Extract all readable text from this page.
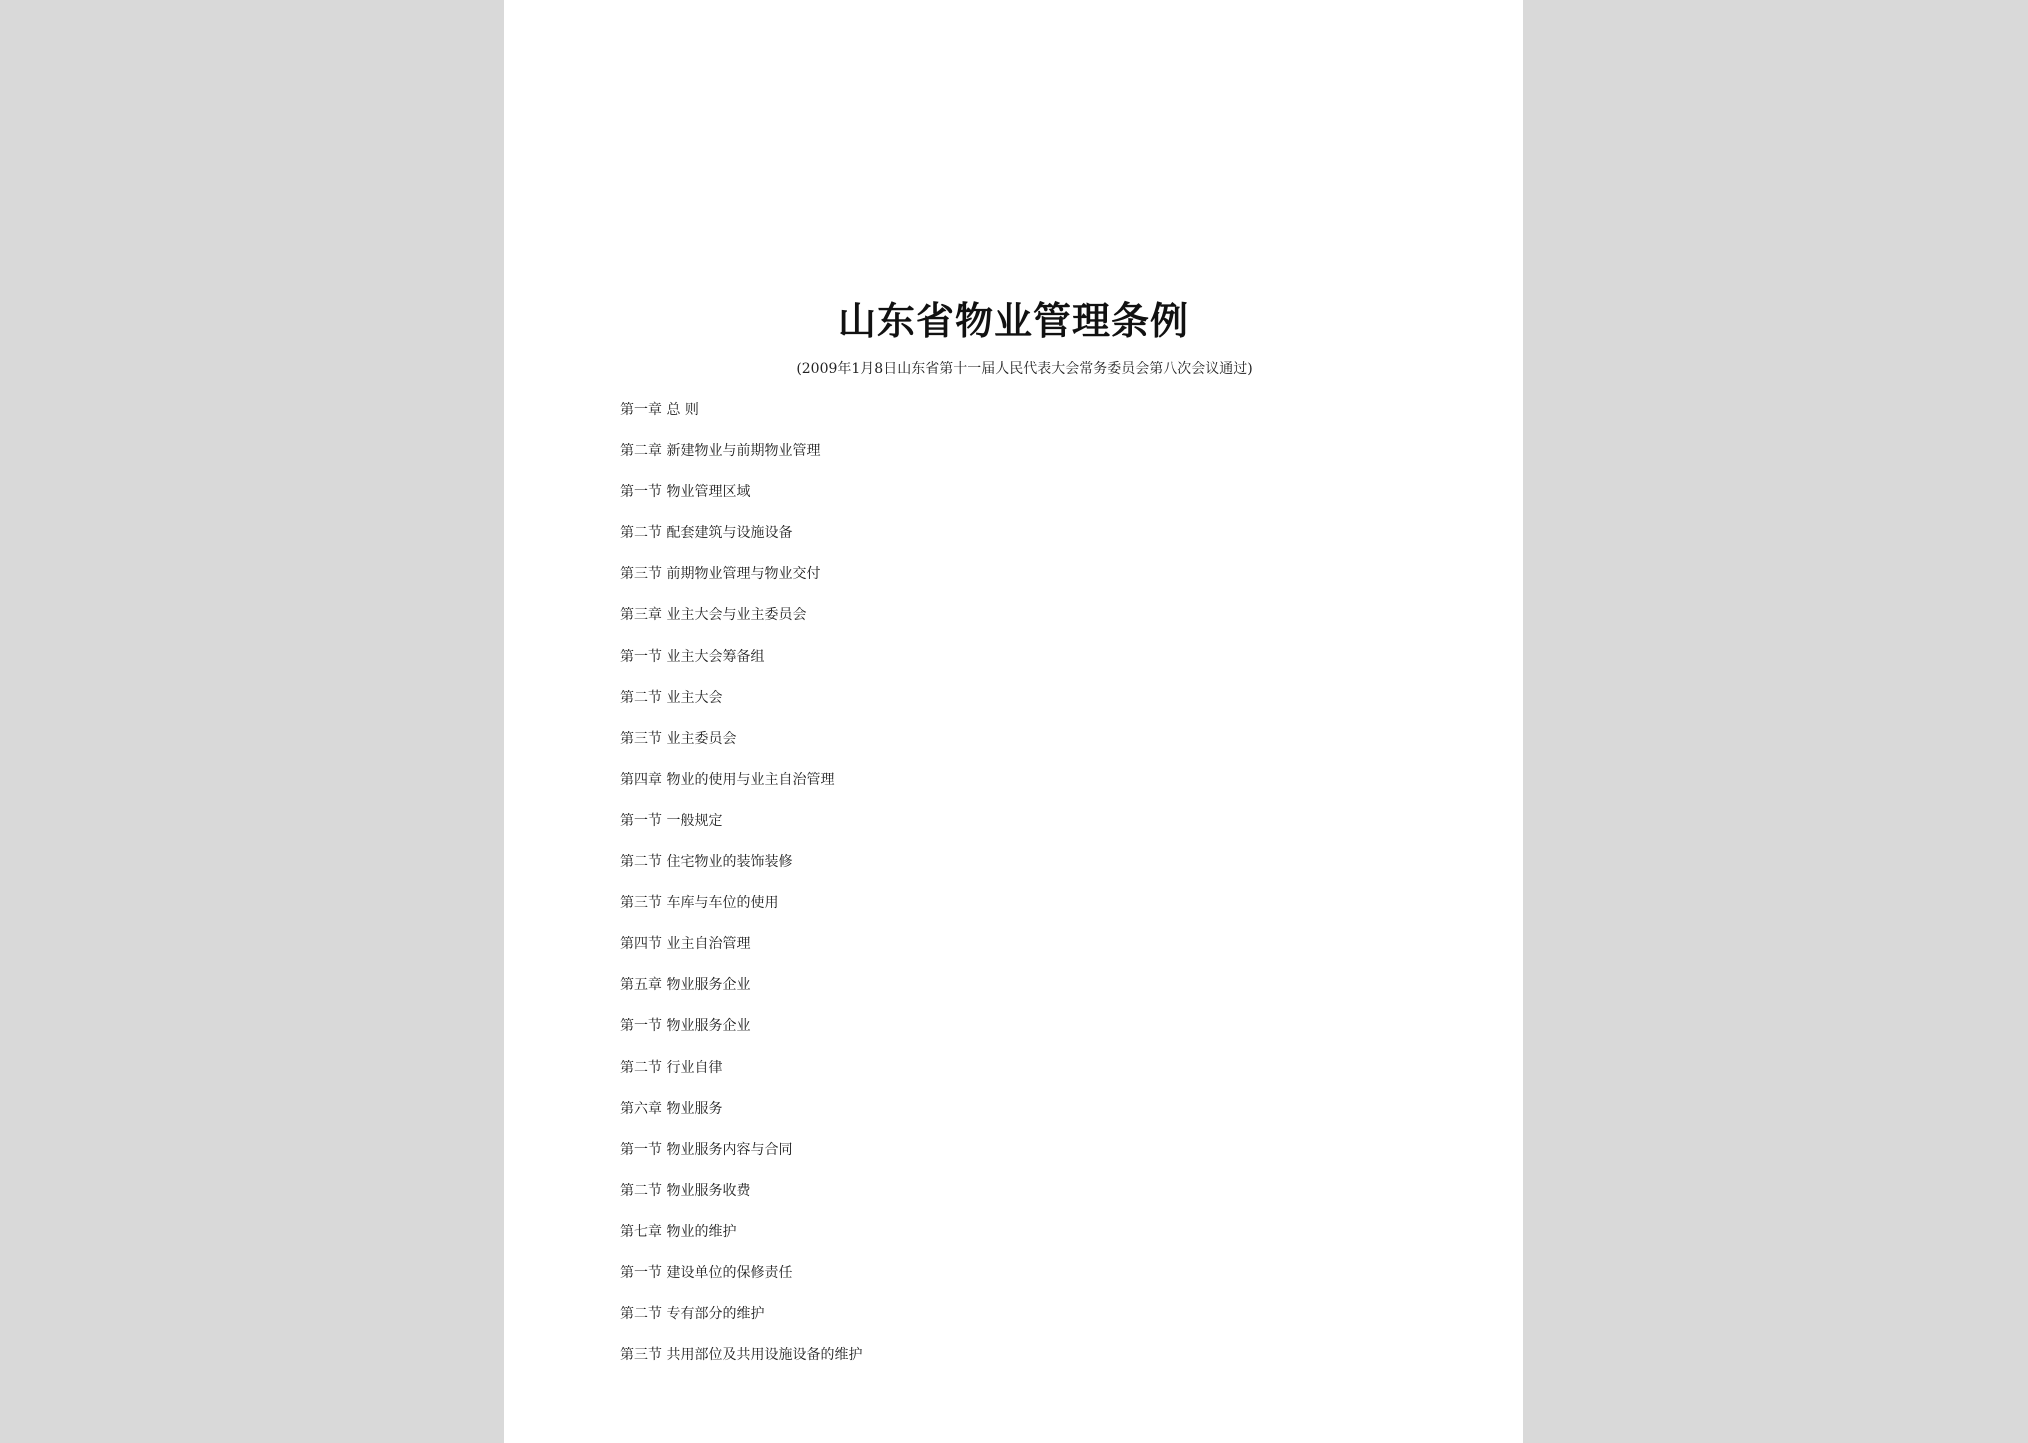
山东省物业管理条例

(2009年1月8日山东省第十一届人民代表大会常务委员会第八次会议通过)

第一章 总 则
第二章 新建物业与前期物业管理
第一节 物业管理区域
第二节 配套建筑与设施设备
第三节 前期物业管理与物业交付
第三章 业主大会与业主委员会
第一节 业主大会筹备组
第二节 业主大会
第三节 业主委员会
第四章 物业的使用与业主自治管理
第一节 一般规定
第二节 住宅物业的装饰装修
第三节 车库与车位的使用
第四节 业主自治管理
第五章 物业服务企业
第一节 物业服务企业
第二节 行业自律
第六章 物业服务
第一节 物业服务内容与合同
第二节 物业服务收费
第七章 物业的维护
第一节 建设单位的保修责任
第二节 专有部分的维护
第三节 共用部位及共用设施设备的维护
